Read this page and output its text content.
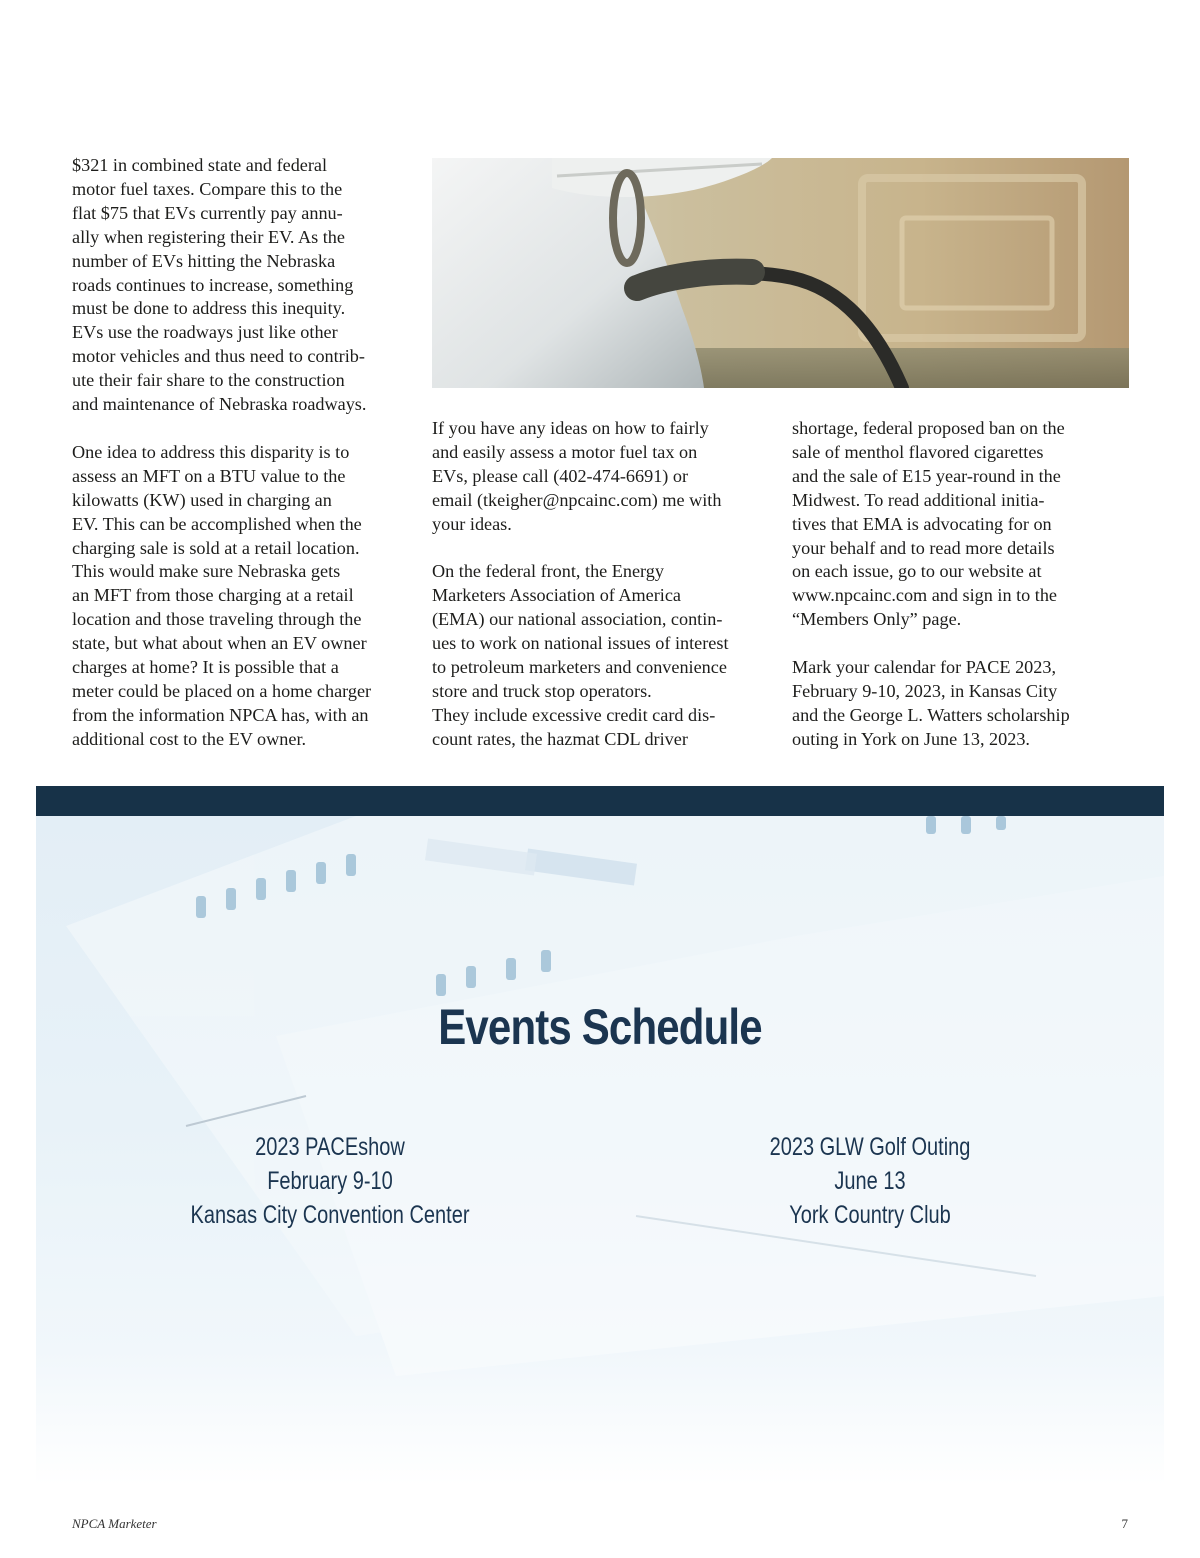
$321 in combined state and federal
motor fuel taxes. Compare this to the
flat $75 that EVs currently pay annu-
ally when registering their EV. As the
number of EVs hitting the Nebraska
roads continues to increase, something
must be done to address this inequity.
EVs use the roadways just like other
motor vehicles and thus need to contrib-
ute their fair share to the construction
and maintenance of Nebraska roadways.

One idea to address this disparity is to
assess an MFT on a BTU value to the
kilowatts (KW) used in charging an
EV. This can be accomplished when the
charging sale is sold at a retail location.
This would make sure Nebraska gets
an MFT from those charging at a retail
location and those traveling through the
state, but what about when an EV owner
charges at home? It is possible that a
meter could be placed on a home charger
from the information NPCA has, with an
additional cost to the EV owner.
If you have any ideas on how to fairly
and easily assess a motor fuel tax on
EVs, please call (402-474-6691) or
email (tkeigher@npcainc.com) me with
your ideas.

On the federal front, the Energy
Marketers Association of America
(EMA) our national association, contin-
ues to work on national issues of interest
to petroleum marketers and convenience
store and truck stop operators.
They include excessive credit card dis-
count rates, the hazmat CDL driver
shortage, federal proposed ban on the
sale of menthol flavored cigarettes
and the sale of E15 year-round in the
Midwest. To read additional initia-
tives that EMA is advocating for on
your behalf and to read more details
on each issue, go to our website at
www.npcainc.com and sign in to the
“Members Only” page.

Mark your calendar for PACE 2023,
February 9-10, 2023, in Kansas City
and the George L. Watters scholarship
outing in York on June 13, 2023.
Events Schedule
2023 PACEshow
February 9-10
Kansas City Convention Center
2023 GLW Golf Outing
June 13
York Country Club
NPCA Marketer	7
